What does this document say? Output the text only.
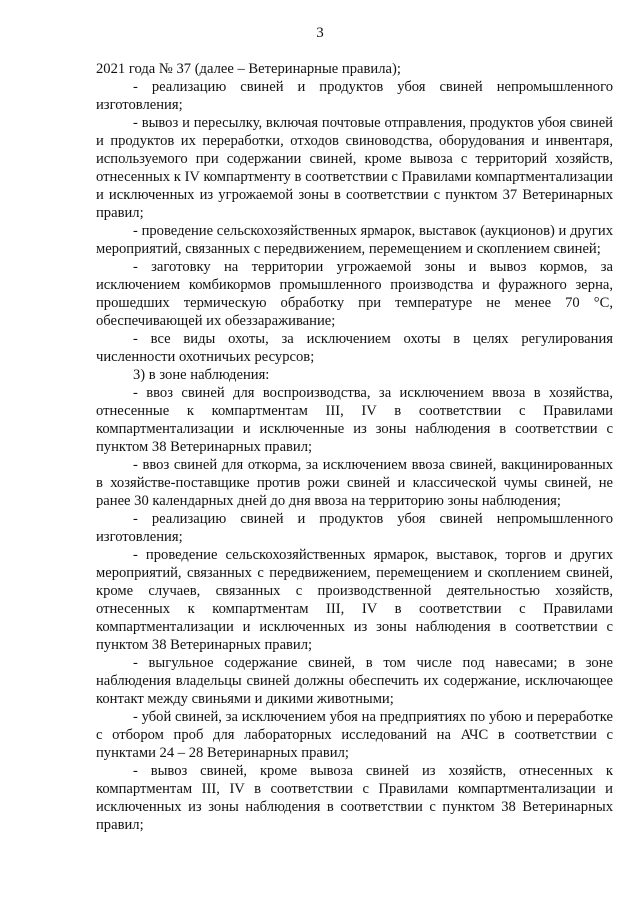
3

2021 года № 37 (далее – Ветеринарные правила);

- реализацию свиней и продуктов убоя свиней непромышленного изготовления;

- вывоз и пересылку, включая почтовые отправления, продуктов убоя свиней и продуктов их переработки, отходов свиноводства, оборудования и инвентаря, используемого при содержании свиней, кроме вывоза с территорий хозяйств, отнесенных к IV компартменту в соответствии с Правилами компартментализации и исключенных из угрожаемой зоны в соответствии с пунктом 37 Ветеринарных правил;

- проведение сельскохозяйственных ярмарок, выставок (аукционов) и других мероприятий, связанных с передвижением, перемещением и скоплением свиней;

- заготовку на территории угрожаемой зоны и вывоз кормов, за исключением комбикормов промышленного производства и фуражного зерна, прошедших термическую обработку при температуре не менее 70 °С, обеспечивающей их обеззараживание;

- все виды охоты, за исключением охоты в целях регулирования численности охотничьих ресурсов;

3) в зоне наблюдения:

- ввоз свиней для воспроизводства, за исключением ввоза в хозяйства, отнесенные к компартментам III, IV в соответствии с Правилами компартментализации и исключенные из зоны наблюдения в соответствии с пунктом 38 Ветеринарных правил;

- ввоз свиней для откорма, за исключением ввоза свиней, вакцинированных в хозяйстве-поставщике против рожи свиней и классической чумы свиней, не ранее 30 календарных дней до дня ввоза на территорию зоны наблюдения;

- реализацию свиней и продуктов убоя свиней непромышленного изготовления;

- проведение сельскохозяйственных ярмарок, выставок, торгов и других мероприятий, связанных с передвижением, перемещением и скоплением свиней, кроме случаев, связанных с производственной деятельностью хозяйств, отнесенных к компартментам III, IV в соответствии с Правилами компартментализации и исключенных из зоны наблюдения в соответствии с пунктом 38 Ветеринарных правил;

- выгульное содержание свиней, в том числе под навесами; в зоне наблюдения владельцы свиней должны обеспечить их содержание, исключающее контакт между свиньями и дикими животными;

- убой свиней, за исключением убоя на предприятиях по убою и переработке с отбором проб для лабораторных исследований на АЧС в соответствии с пунктами 24 – 28 Ветеринарных правил;

- вывоз свиней, кроме вывоза свиней из хозяйств, отнесенных к компартментам III, IV в соответствии с Правилами компартментализации и исключенных из зоны наблюдения в соответствии с пунктом 38 Ветеринарных правил;
